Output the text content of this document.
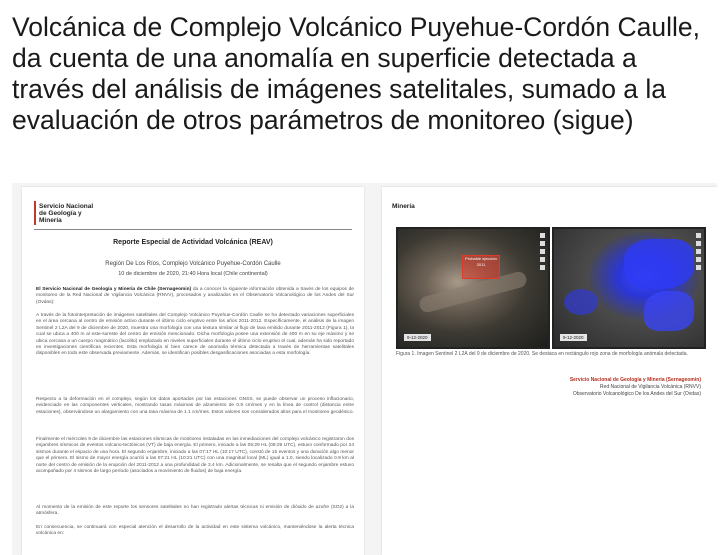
Volcánica de Complejo Volcánico Puyehue-Cordón Caulle,
da cuenta de una anomalía en superficie detectada a
través del análisis de imágenes satelitales, sumado a la
evaluación de otros parámetros de monitoreo (sigue)
Servicio Nacional
de Geología y
Minería
Reporte Especial de Actividad Volcánica (REAV)
Región De Los Ríos, Complejo Volcánico Puyehue-Cordón Caulle
10 de diciembre de 2020, 21:40 Hora local (Chile continental)
El Servicio Nacional de Geología y Minería de Chile (Sernageomin) da a conocer la siguiente información obtenida a través de los equipos de monitoreo de la Red Nacional de Vigilancia Volcánica (RNVV), procesados y analizados en el Observatorio Volcanológico de los Andes del Sur (Ovdas):
A través de la fotointerpretación de imágenes satelitales del Complejo Volcánico Puyehue-Cordón Caulle se ha detectado variaciones superficiales en el área cercana al centro de emisión activo durante el último ciclo eruptivo entre los años 2011-2012. Específicamente, el análisis de la imagen Sentinel 2 L2A del 9 de diciembre de 2020, muestra una morfología con una textura similar al flujo de lava emitido durante 2011-2012 (Figura 1), la cual se ubica a 400 m al este-sureste del centro de emisión mencionado. Dicha morfología posee una extensión de 400 m en su eje máximo y se ubica cercana a un cuerpo magmático (lacolito) emplazado en niveles superficiales durante el último ciclo eruptivo el cual, además ha sido reportado en investigaciones científicas recientes. Esta morfología sí bien carece de anomalía térmica detectada a través de herramientas satelitales disponibles en todo este observada previamente. Además, se identifican posibles desgasificaciones asociadas a esta morfología.
Respecto a la deformación en el complejo, según los datos aportados por las estaciones GNSS, se puede observar un proceso inflacionario, evidenciado en las componentes verticales, mostrando tasas máximas de alzamiento de 0.9 cm/mes y en la línea de control (distancia entre estaciones), observándose un alargamiento con una tasa máxima de 1.1 cm/mes. Estos valores son considerados altos para el monitoreo geodésico.
Finalmente el miércoles 9 de diciembre las estaciones sísmicas de monitoreo instaladas en las inmediaciones del complejo volcánico registraron dos enjambres sísmicos de eventos volcano-tectónicos (VT) de baja energía. El primero, iniciado a las 05:29 HL (08:29 UTC), estuvo conformado por 24 sismos durante el espacio de una hora. El segundo enjambre, iniciado a las 07:17 HL (10:17 UTC), constó de 15 eventos y una duración algo menor que el primero. El sismo de mayor energía ocurrió a las 07:21 HL (10:21 UTC) con una magnitud local (ML) igual a 1.0, siendo localizado 0.9 km al norte del centro de emisión de la erupción del 2011-2012 a una profundidad de 3.4 km. Adicionalmente, se resalta que el segundo enjambre estuvo acompañado por 4 sismos de largo período (asociados a movimiento de fluidos) de baja energía.
Al momento de la emisión de este reporte los sensores satelitales no han registrado alertas técnicas ni emisión de dióxido de azufre (SO2) a la atmósfera.
En consecuencia, se continuará con especial atención el desarrollo de la actividad en este sistema volcánico, manteniéndose la alerta técnica volcánica en:
Minería
Probable ejección 2011
9-12-2020	9-12-2020
Figura 1. Imagen Sentinel 2 L2A del 9 de diciembre de 2020. Se destaca en rectángulo rojo zona de morfología anómala detectada.
Servicio Nacional de Geología y Minería (Sernageomin)
Red Nacional de Vigilancia Volcánica (RNVV)
Observatorio Volcanológico De los Andes del Sur (Ovdas)
